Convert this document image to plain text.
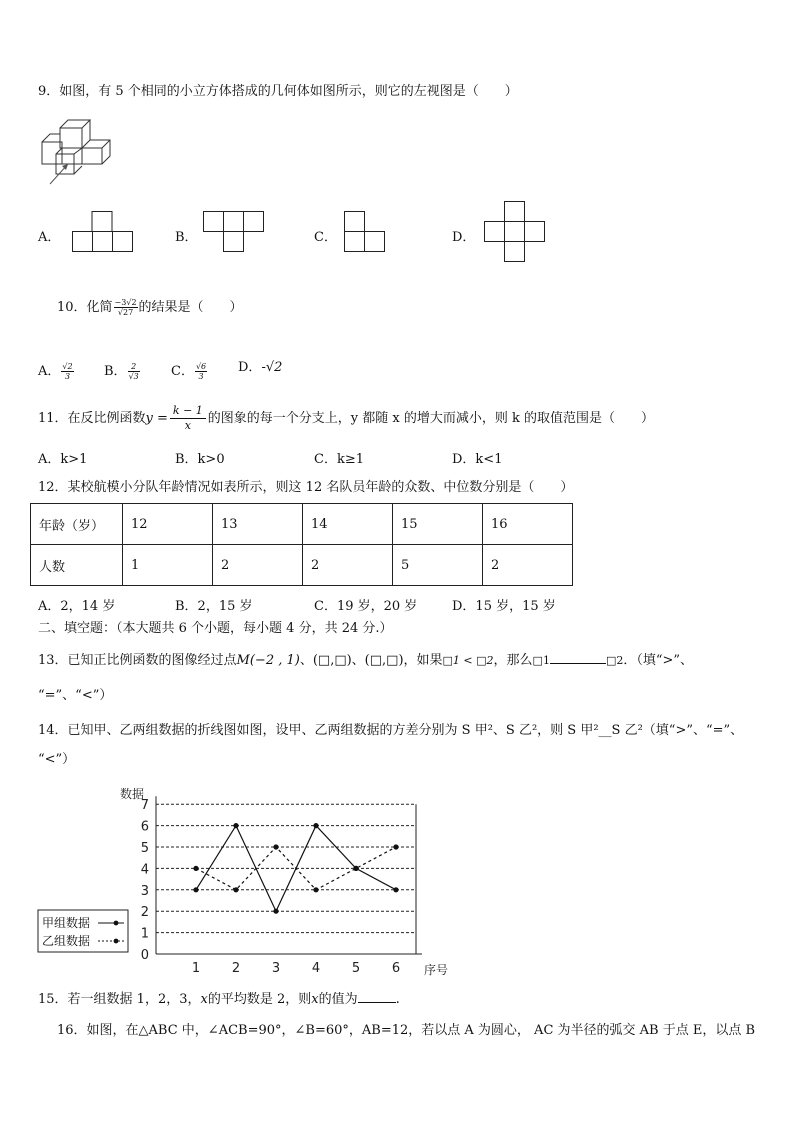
9．如图，有 5 个相同的小立方体搭成的几何体如图所示，则它的左视图是（　　）
A．	B．	C．	D．
10．化简 $\frac{-3√2}{√27}$ 的结果是（　　）
A． $\frac{√2}{3}$ B． $\frac{2}{√3}$ C． $\frac{√6}{3}$ D．-√2
11．在反比例函数$y = \frac{k - 1}{x}$ 的图象的每一个分支上，y 都随 x 的增大而减小，则 k 的取值范围是（　　）
A．k>1	B．k>0	C．k≥1	D．k<1
12．某校航模小分队年龄情况如表所示，则这 12 名队员年龄的众数、中位数分别是（　　）
年龄（岁）	12	13	14	15	16
人数	1	2	2	5	2
A．2，14 岁	B．2，15 岁	C．19 岁，20 岁	D．15 岁，15 岁
二、填空题：（本大题共 6 个小题，每小题 4 分，共 24 分.）
13．已知正比例函数的图像经过点M(−2 , 1)、(□,□)、(□,□)，如果□1 < □2，那么□1	□2．（填“>”、
“=”、“<”）
14．已知甲、乙两组数据的折线图如图，设甲、乙两组数据的方差分别为 S 甲²、S 乙²，则 S 甲²__S 乙²（填“>”、“=”、
“<”）
0
1
2
3
4
5
6
7
1 2 3 4 5 6
数据
序号
甲组数据
乙组数据
15．若一组数据 1，2，3，x的平均数是 2，则x的值为	.
16．如图，在△ABC 中，∠ACB=90°，∠B=60°，AB=12，若以点 A 为圆心， AC 为半径的弧交 AB 于点 E，以点 B
